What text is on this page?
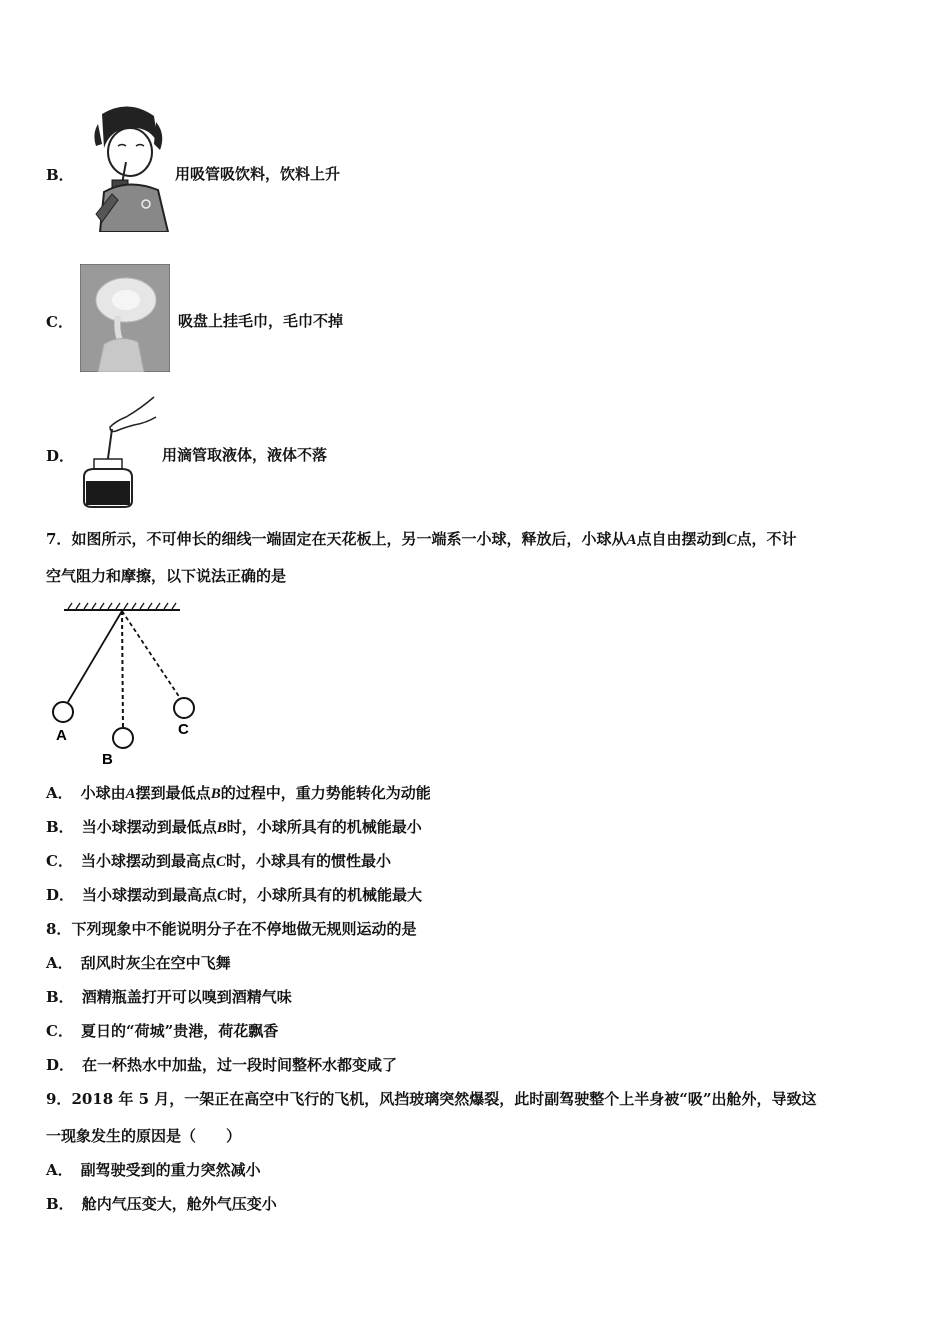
B．	用吸管吸饮料，饮料上升
C．	吸盘上挂毛巾，毛巾不掉
D．	用滴管取液体，液体不落
7．如图所示，不可伸长的细线一端固定在天花板上，另一端系一小球，释放后，小球从A点自由摆动到C点，不计
空气阻力和摩擦，以下说法正确的是
A
B
C
A． 小球由A摆到最低点B的过程中，重力势能转化为动能
B． 当小球摆动到最低点B时，小球所具有的机械能最小
C． 当小球摆动到最高点C时，小球具有的惯性最小
D． 当小球摆动到最高点C时，小球所具有的机械能最大
8．下列现象中不能说明分子在不停地做无规则运动的是
A． 刮风时灰尘在空中飞舞
B． 酒精瓶盖打开可以嗅到酒精气味
C． 夏日的“荷城”贵港，荷花飘香
D． 在一杯热水中加盐，过一段时间整杯水都变咸了
9．2018 年 5 月，一架正在高空中飞行的飞机，风挡玻璃突然爆裂，此时副驾驶整个上半身被“吸”出舱外，导致这
一现象发生的原因是（　　）
A． 副驾驶受到的重力突然减小
B． 舱内气压变大，舱外气压变小
